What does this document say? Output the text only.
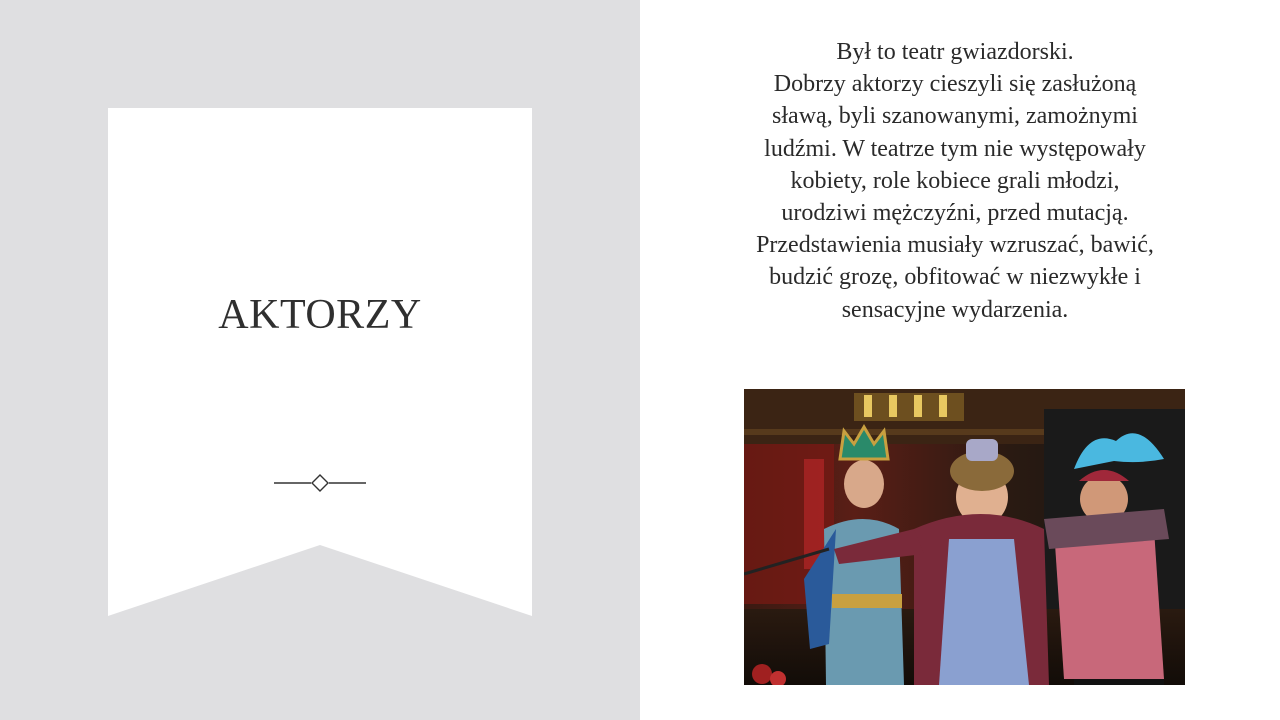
AKTORZY
Był to teatr gwiazdorski.
Dobrzy aktorzy cieszyli się zasłużoną
sławą, byli szanowanymi, zamożnymi
ludźmi. W teatrze tym nie występowały
kobiety, role kobiece grali młodzi,
urodziwi mężczyźni, przed mutacją.
Przedstawienia musiały wzruszać, bawić,
budzić grozę, obfitować w niezwykłe i
sensacyjne wydarzenia.
